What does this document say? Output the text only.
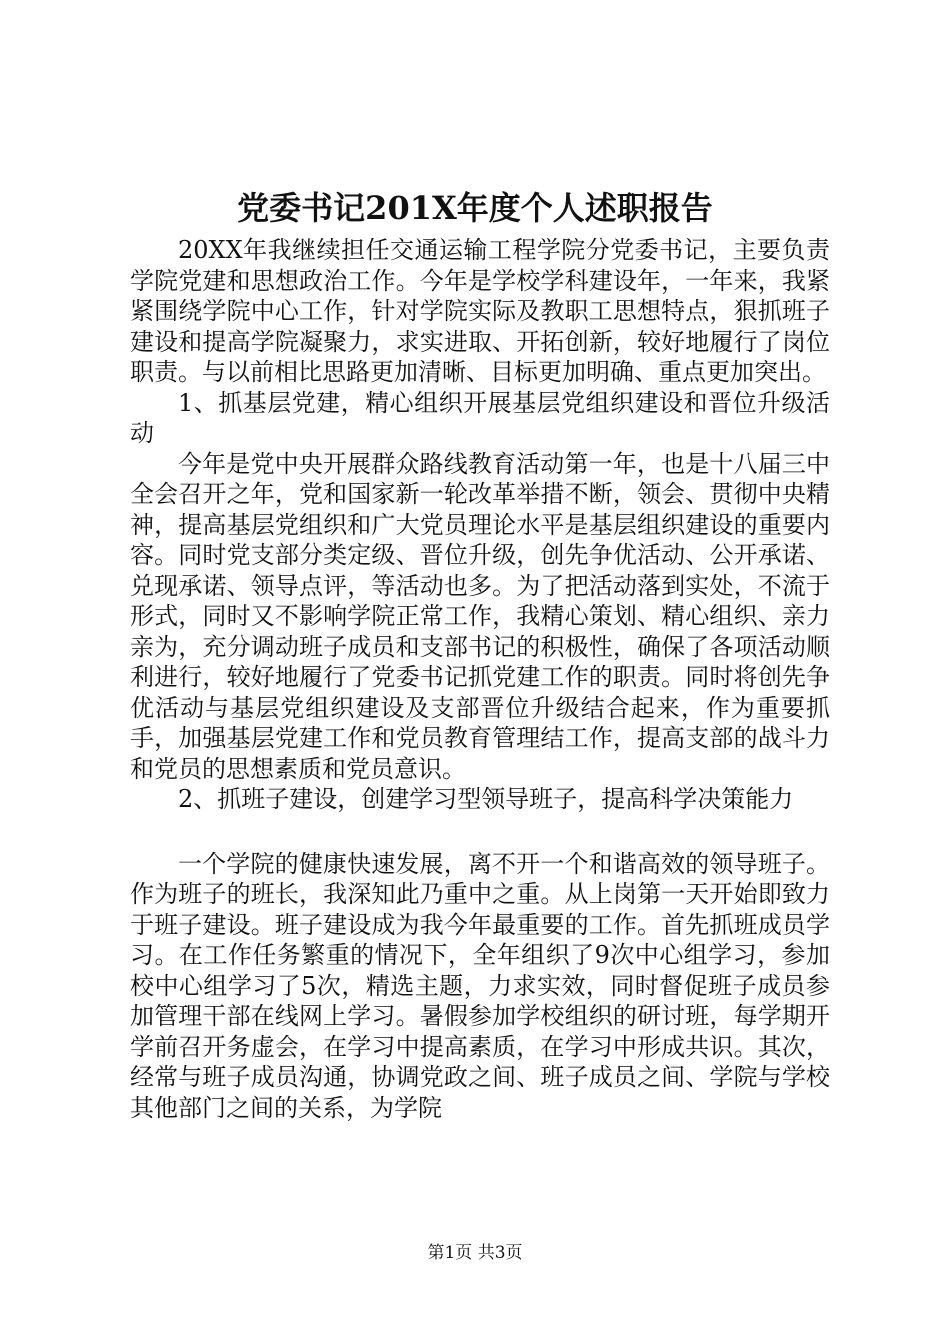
党委书记201X年度个人述职报告

20XX年我继续担任交通运输工程学院分党委书记，主要负责学院党建和思想政治工作。今年是学校学科建设年，一年来，我紧紧围绕学院中心工作，针对学院实际及教职工思想特点，狠抓班子建设和提高学院凝聚力，求实进取、开拓创新，较好地履行了岗位职责。与以前相比思路更加清晰、目标更加明确、重点更加突出。

1、抓基层党建，精心组织开展基层党组织建设和晋位升级活动

今年是党中央开展群众路线教育活动第一年，也是十八届三中全会召开之年，党和国家新一轮改革举措不断，领会、贯彻中央精神，提高基层党组织和广大党员理论水平是基层组织建设的重要内容。同时党支部分类定级、晋位升级，创先争优活动、公开承诺、兑现承诺、领导点评，等活动也多。为了把活动落到实处，不流于形式，同时又不影响学院正常工作，我精心策划、精心组织、亲力亲为，充分调动班子成员和支部书记的积极性，确保了各项活动顺利进行，较好地履行了党委书记抓党建工作的职责。同时将创先争优活动与基层党组织建设及支部晋位升级结合起来，作为重要抓手，加强基层党建工作和党员教育管理结工作，提高支部的战斗力和党员的思想素质和党员意识。

2、抓班子建设，创建学习型领导班子，提高科学决策能力

一个学院的健康快速发展，离不开一个和谐高效的领导班子。作为班子的班长，我深知此乃重中之重。从上岗第一天开始即致力于班子建设。班子建设成为我今年最重要的工作。首先抓班成员学习。在工作任务繁重的情况下，全年组织了9次中心组学习，参加校中心组学习了5次，精选主题，力求实效，同时督促班子成员参加管理干部在线网上学习。暑假参加学校组织的研讨班，每学期开学前召开务虚会，在学习中提高素质，在学习中形成共识。其次，经常与班子成员沟通，协调党政之间、班子成员之间、学院与学校其他部门之间的关系，为学院

第1页 共3页
